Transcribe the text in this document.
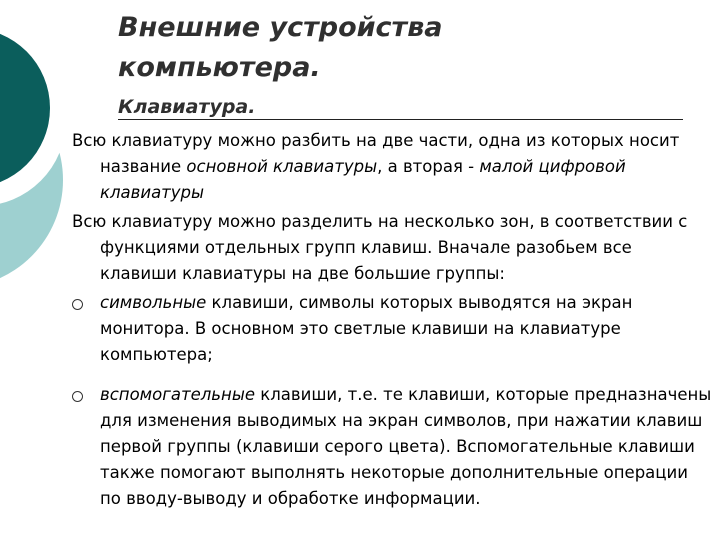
Внешние устройства
компьютера.
Клавиатура.

Всю клавиатуру можно разбить на две части, одна из которых носит название основной клавиатуры, а вторая - малой цифровой клавиатуры

Всю клавиатуру можно разделить на несколько зон, в соответствии с функциями отдельных групп клавиш. Вначале разобьем все клавиши клавиатуры на две большие группы:

символьные клавиши, символы которых выводятся на экран монитора. В основном это светлые клавиши на клавиатуре компьютера;
вспомогательные клавиши, т.е. те клавиши, которые предназначены для изменения выводимых на экран символов, при нажатии клавиш первой группы (клавиши серого цвета). Вспомогательные клавиши также помогают выполнять некоторые дополнительные операции по вводу-выводу и обработке информации.
